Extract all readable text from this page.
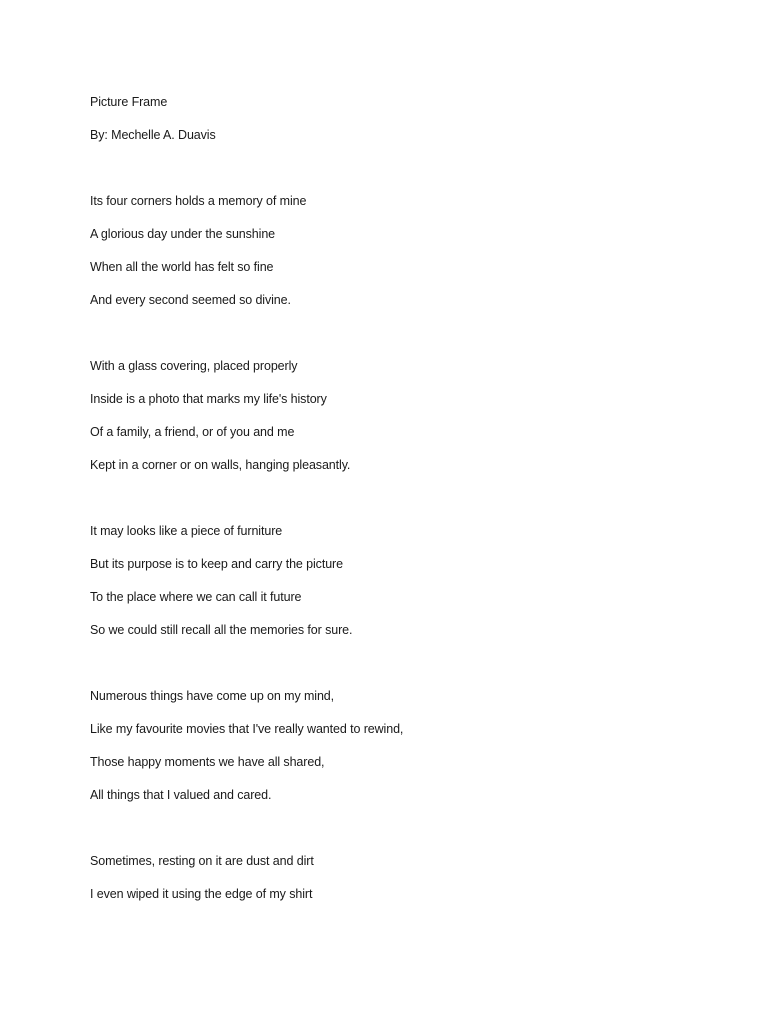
Picture Frame
By: Mechelle A. Duavis
Its four corners holds a memory of mine
A glorious day under the sunshine
When all the world has felt so fine
And every second seemed so divine.
With a glass covering, placed properly
Inside is a photo that marks my life's history
Of a family, a friend, or of you and me
Kept in a corner or on walls, hanging pleasantly.
It may looks like a piece of furniture
But its purpose is to keep and carry the picture
To the place where we can call it future
So we could still recall all the memories for sure.
Numerous things have come up on my mind,
Like my favourite movies that I've really wanted to rewind,
Those happy moments we have all shared,
All things that I valued and cared.
Sometimes, resting on it are dust and dirt
I even wiped it using the edge of my shirt
